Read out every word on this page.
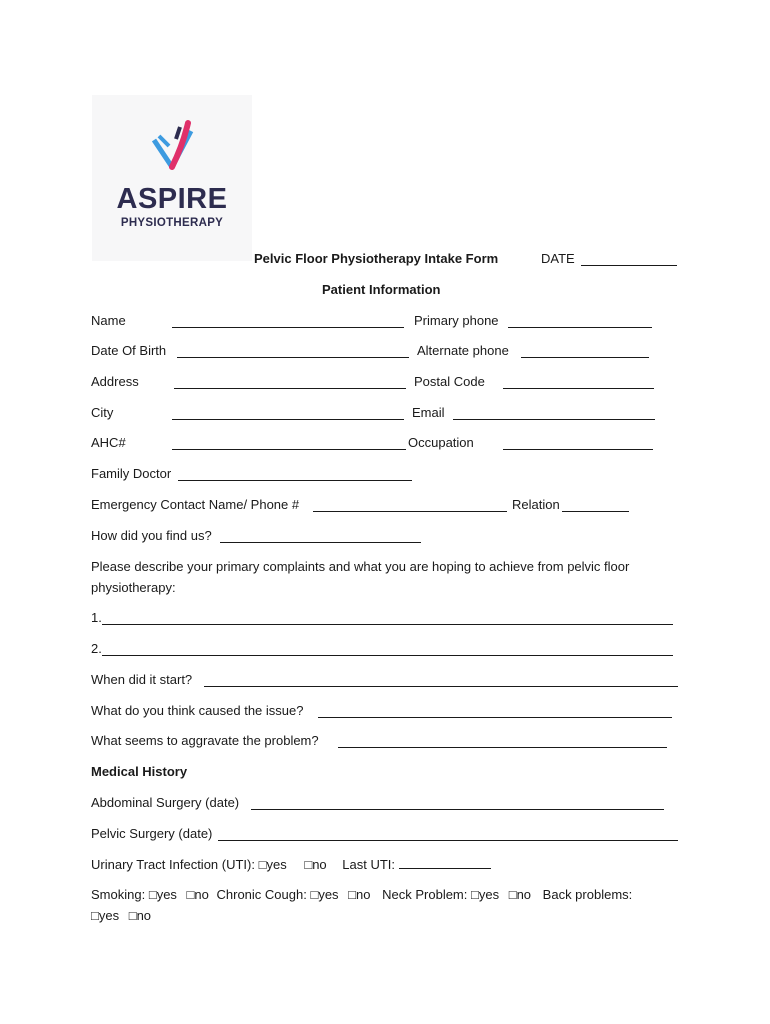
ASPIRE
PHYSIOTHERAPY
Pelvic Floor Physiotherapy Intake Form	DATE
Patient Information
Name	Primary phone
Date Of Birth	Alternate phone
Address	Postal Code
City	Email
AHC#	Occupation
Family Doctor
Emergency Contact Name/ Phone #	Relation
How did you find us?
Please describe your primary complaints and what you are hoping to achieve from pelvic floor
physiotherapy:
1.
2.
When did it start?
What do you think caused the issue?
What seems to aggravate the problem?
Medical History
Abdominal Surgery (date)
Pelvic Surgery (date)
Urinary Tract Infection (UTI): □yes □no Last UTI:
Smoking: □yes □no Chronic Cough: □yes □no Neck Problem: □yes □no Back problems:
□yes □no
